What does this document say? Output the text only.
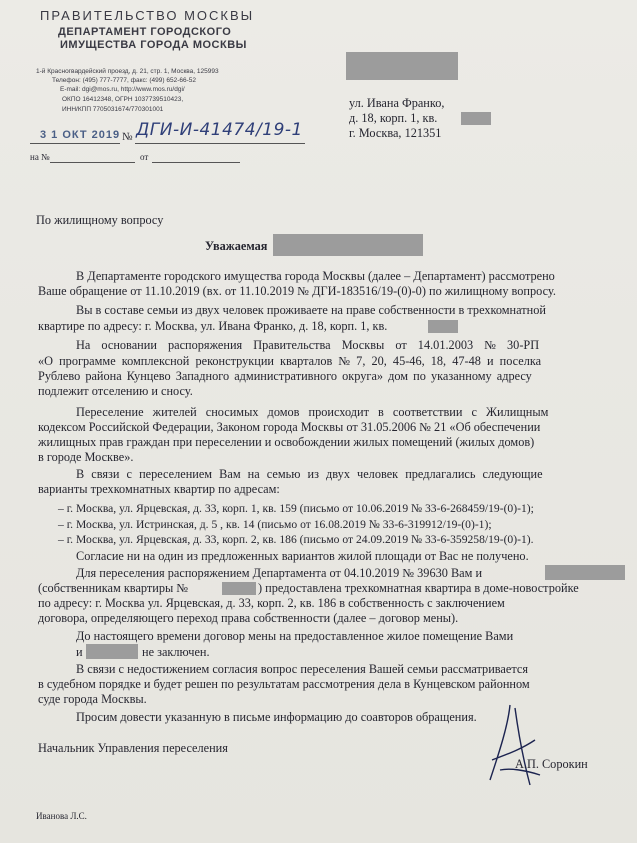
ПРАВИТЕЛЬСТВО МОСКВЫ
ДЕПАРТАМЕНТ ГОРОДСКОГО
ИМУЩЕСТВА ГОРОДА МОСКВЫ
1-й Красногвардейский проезд, д. 21, стр. 1, Москва, 125993
Телефон: (495) 777-7777, факс: (499) 652-66-52
E-mail: dgi@mos.ru, http://www.mos.ru/dgi/
ОКПО 16412348, ОГРН 1037739510423,
ИНН/КПП 7705031674/770301001
3 1 ОКТ 2019 № ДГИ-И-41474/19-1
на №	от
ул. Ивана Франко,
д. 18, корп. 1, кв.
г. Москва, 121351
По жилищному вопросу
Уважаемая
В Департаменте городского имущества города Москвы (далее – Департамент) рассмотрено
Ваше обращение от 11.10.2019 (вх. от 11.10.2019 № ДГИ-183516/19-(0)-0) по жилищному вопросу.
Вы в составе семьи из двух человек проживаете на праве собственности в трехкомнатной
квартире по адресу: г. Москва, ул. Ивана Франко, д. 18, корп. 1, кв.
На основании распоряжения Правительства Москвы от 14.01.2003 № 30-РП
«О программе комплексной реконструкции кварталов № 7, 20, 45-46, 18, 47-48 и поселка
Рублево района Кунцево Западного административного округа» дом по указанному адресу
подлежит отселению и сносу.
Переселение жителей сносимых домов происходит в соответствии с Жилищным
кодексом Российской Федерации, Законом города Москвы от 31.05.2006 № 21 «Об обеспечении
жилищных прав граждан при переселении и освобождении жилых помещений (жилых домов)
в городе Москве».
В связи с переселением Вам на семью из двух человек предлагались следующие
варианты трехкомнатных квартир по адресам:
– г. Москва, ул. Ярцевская, д. 33, корп. 1, кв. 159 (письмо от 10.06.2019 № 33-6-268459/19-(0)-1);
– г. Москва, ул. Истринская, д. 5 , кв. 14 (письмо от 16.08.2019 № 33-6-319912/19-(0)-1);
– г. Москва, ул. Ярцевская, д. 33, корп. 2, кв. 186 (письмо от 24.09.2019 № 33-6-359258/19-(0)-1).
Согласие ни на один из предложенных вариантов жилой площади от Вас не получено.
Для переселения распоряжением Департамента от 04.10.2019 № 39630 Вам и
(собственникам квартиры №	) предоставлена трехкомнатная квартира в доме-новостройке
по адресу: г. Москва ул. Ярцевская, д. 33, корп. 2, кв. 186 в собственность с заключением
договора, определяющего переход права собственности (далее – договор мены).
До настоящего времени договор мены на предоставленное жилое помещение Вами
и	не заключен.
В связи с недостижением согласия вопрос переселения Вашей семьи рассматривается
в судебном порядке и будет решен по результатам рассмотрения дела в Кунцевском районном
суде города Москвы.
Просим довести указанную в письме информацию до соавторов обращения.
Начальник Управления переселения
А.П. Сорокин
Иванова Л.С.
